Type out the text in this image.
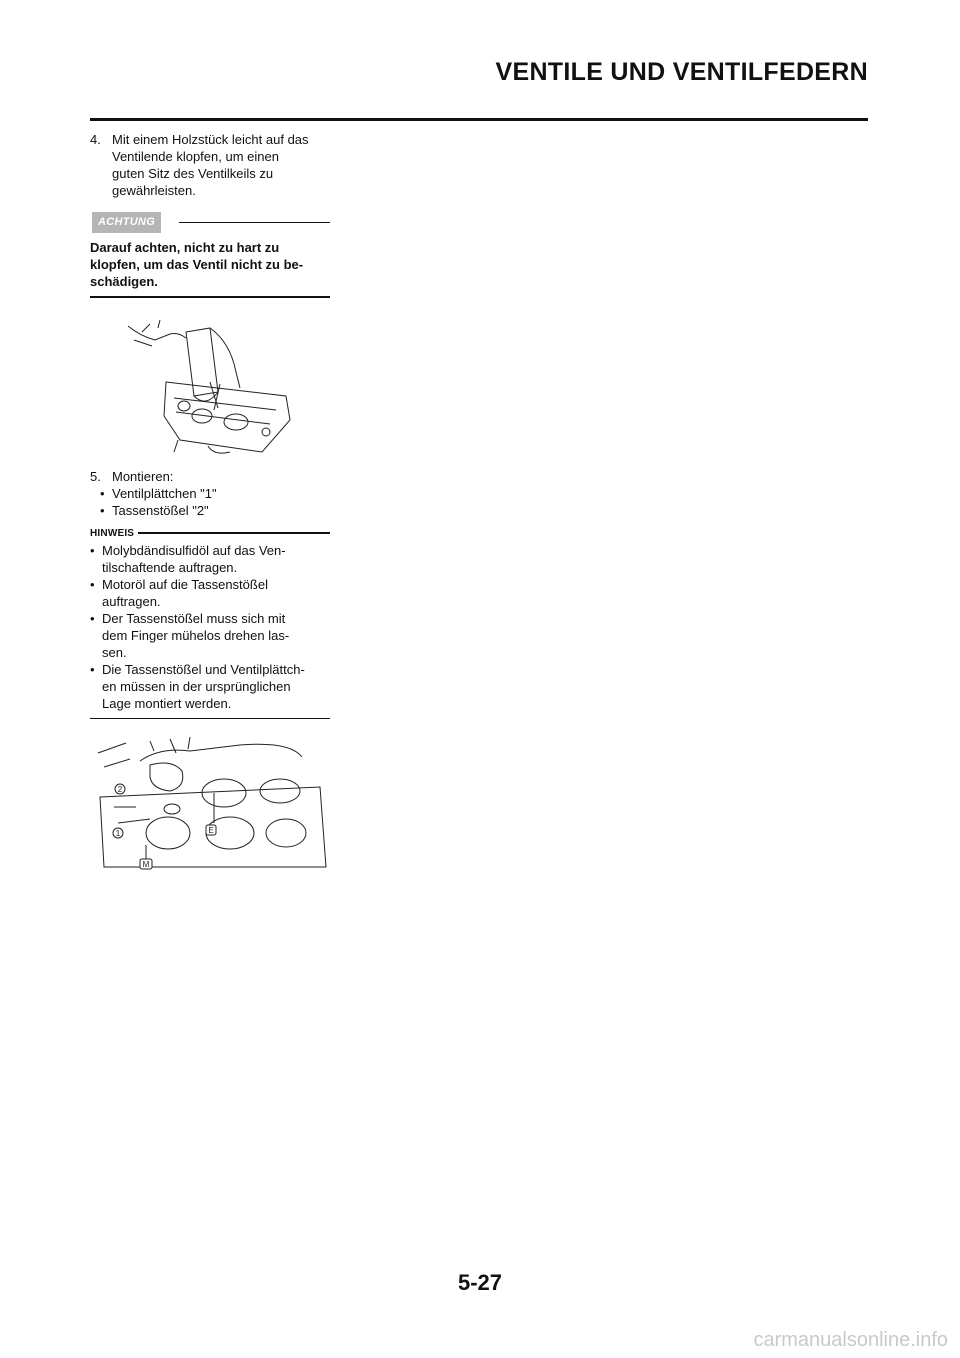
VENTILE UND VENTILFEDERN
4. Mit einem Holzstück leicht auf das
Ventilende klopfen, um einen
guten Sitz des Ventilkeils zu
gewährleisten.
ACHTUNG
Darauf achten, nicht zu hart zu
klopfen, um das Ventil nicht zu be-
schädigen.
5. Montieren:
• Ventilplättchen "1"
• Tassenstößel "2"
HINWEIS
• Molybdändisulfidöl auf das Ven-
tilschaftende auftragen.
• Motoröl auf die Tassenstößel
auftragen.
• Der Tassenstößel muss sich mit
dem Finger mühelos drehen las-
sen.
• Die Tassenstößel und Ventilplättch-
en müssen in der ursprünglichen
Lage montiert werden.
2
1	E
M
5-27
carmanualsonline.info
